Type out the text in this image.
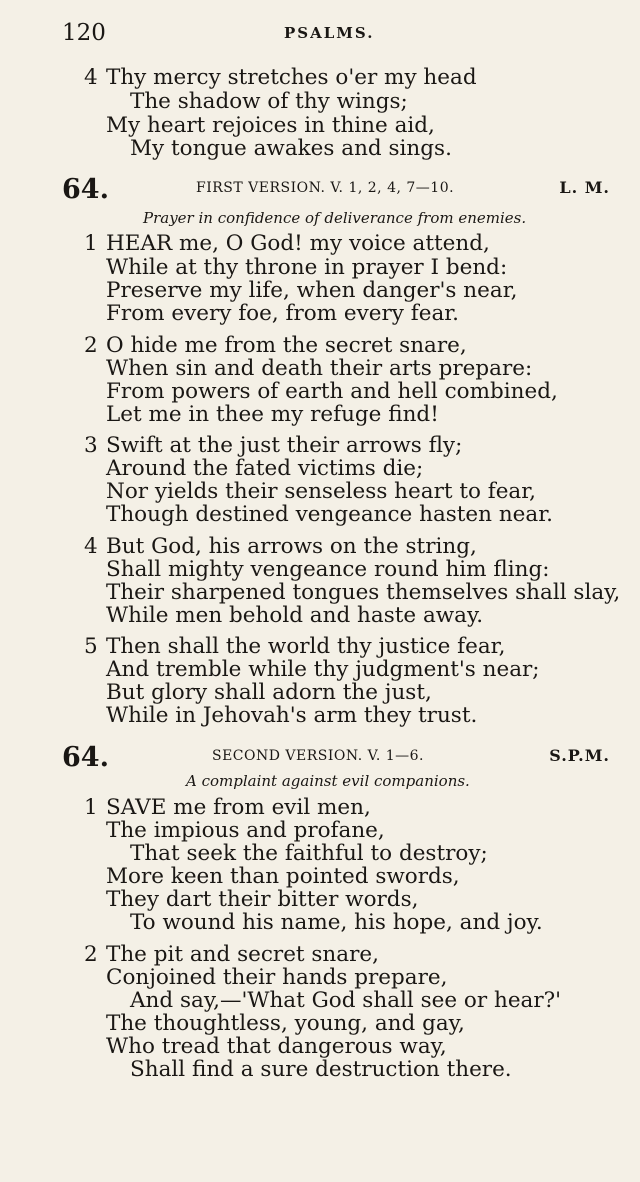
120	PSALMS.
4 Thy mercy stretches o'er my head
The shadow of thy wings;
My heart rejoices in thine aid,
My tongue awakes and sings.
64.	FIRST VERSION. V. 1, 2, 4, 7—10.	L. M.
Prayer in confidence of deliverance from enemies.
1 HEAR me, O God! my voice attend,
While at thy throne in prayer I bend:
Preserve my life, when danger's near,
From every foe, from every fear.
2 O hide me from the secret snare,
When sin and death their arts prepare:
From powers of earth and hell combined,
Let me in thee my refuge find!
3 Swift at the just their arrows fly;
Around the fated victims die;
Nor yields their senseless heart to fear,
Though destined vengeance hasten near.
4 But God, his arrows on the string,
Shall mighty vengeance round him fling:
Their sharpened tongues themselves shall slay,
While men behold and haste away.
5 Then shall the world thy justice fear,
And tremble while thy judgment's near;
But glory shall adorn the just,
While in Jehovah's arm they trust.
64.	SECOND VERSION. V. 1—6.	S.P.M.
A complaint against evil companions.
1 SAVE me from evil men,
The impious and profane,
That seek the faithful to destroy;
More keen than pointed swords,
They dart their bitter words,
To wound his name, his hope, and joy.
2 The pit and secret snare,
Conjoined their hands prepare,
And say,—'What God shall see or hear?'
The thoughtless, young, and gay,
Who tread that dangerous way,
Shall find a sure destruction there.
